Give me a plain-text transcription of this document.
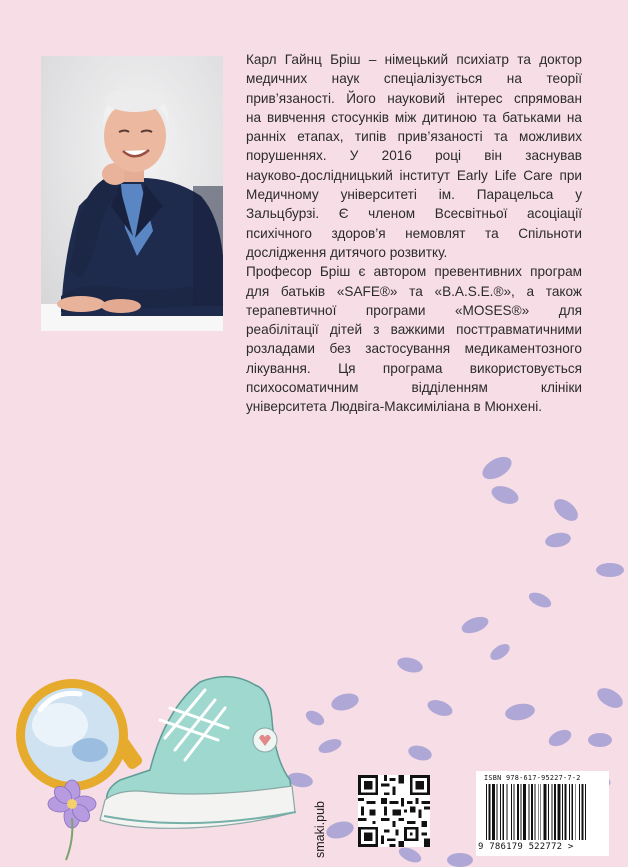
Карл Гайнц Бріш – німецький психіатр та доктор
медичних наук спеціалізується на теорії
прив’язаності. Його науковий інтерес спрямован
на вивчення стосунків між дитиною та батьками на
ранніх етапах, типів прив’язаності та можливих
порушеннях. У 2016 році він заснував
науково-дослідницький інститут Early Life Care при
Медичному університеті ім. Парацельса у
Зальцбурзі. Є членом Всесвітньої асоціації
психічного здоров’я немовлят та Спільноти
дослідження дитячого розвитку.

Професор Бріш є автором превентивних програм
для батьків «SAFE®» та «B.A.S.E.®», а також
терапевтичної програми «MOSES®» для
реабілітації дітей з важкими посттравматичними
розладами без застосування медикаментозного
лікування. Ця програма використовується
психосоматичним відділенням клініки
університета Людвіга-Максиміліана в Мюнхені.

smaki.pub
ISBN 978-617-95227-7-2
9 786179 522772 >
